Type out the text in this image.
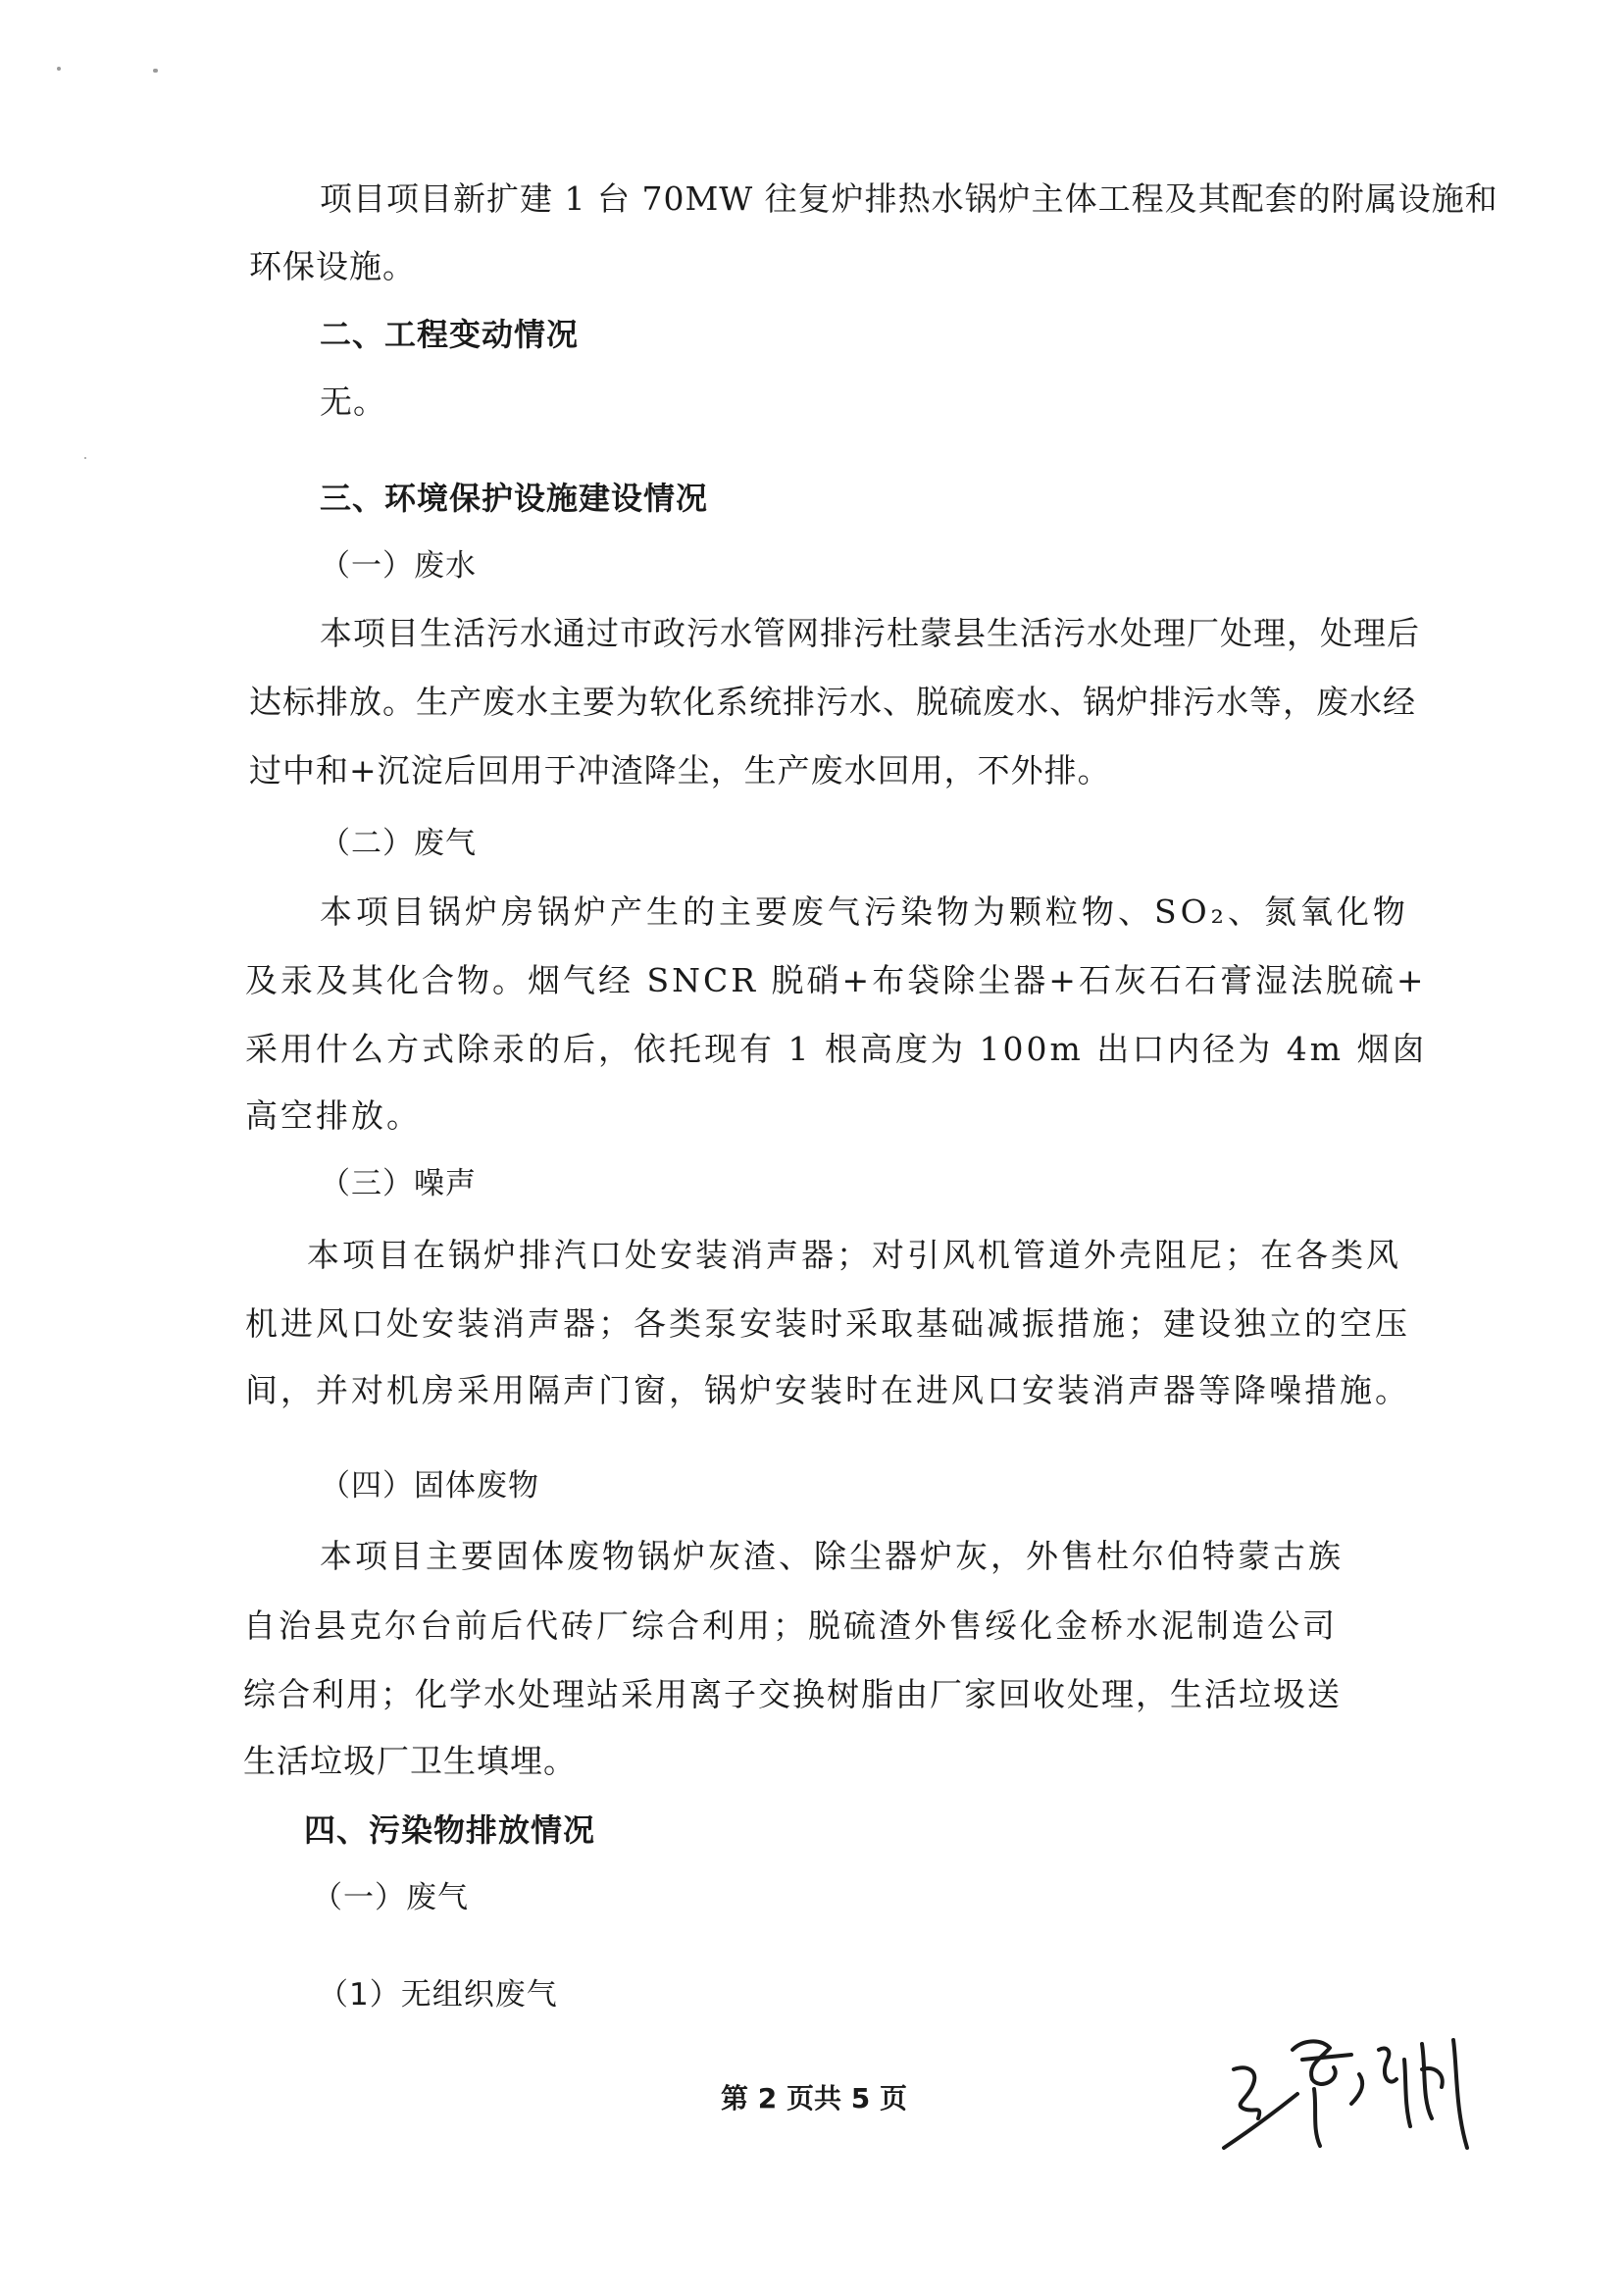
项目项目新扩建 1 台 70MW 往复炉排热水锅炉主体工程及其配套的附属设施和
环保设施。
二、工程变动情况
无。
三、环境保护设施建设情况
（一）废水
本项目生活污水通过市政污水管网排污杜蒙县生活污水处理厂处理，处理后
达标排放。生产废水主要为软化系统排污水、脱硫废水、锅炉排污水等，废水经
过中和+沉淀后回用于冲渣降尘，生产废水回用，不外排。
（二）废气
本项目锅炉房锅炉产生的主要废气污染物为颗粒物、SO₂、氮氧化物
及汞及其化合物。烟气经 SNCR 脱硝+布袋除尘器+石灰石石膏湿法脱硫+
采用什么方式除汞的后，依托现有 1 根高度为 100m 出口内径为 4m 烟囱
高空排放。
（三）噪声
本项目在锅炉排汽口处安装消声器；对引风机管道外壳阻尼；在各类风
机进风口处安装消声器；各类泵安装时采取基础减振措施；建设独立的空压
间，并对机房采用隔声门窗，锅炉安装时在进风口安装消声器等降噪措施。
（四）固体废物
本项目主要固体废物锅炉灰渣、除尘器炉灰，外售杜尔伯特蒙古族
自治县克尔台前后代砖厂综合利用；脱硫渣外售绥化金桥水泥制造公司
综合利用；化学水处理站采用离子交换树脂由厂家回收处理，生活垃圾送
生活垃圾厂卫生填埋。
四、污染物排放情况
（一）废气
（1）无组织废气
第 2 页共 5 页
